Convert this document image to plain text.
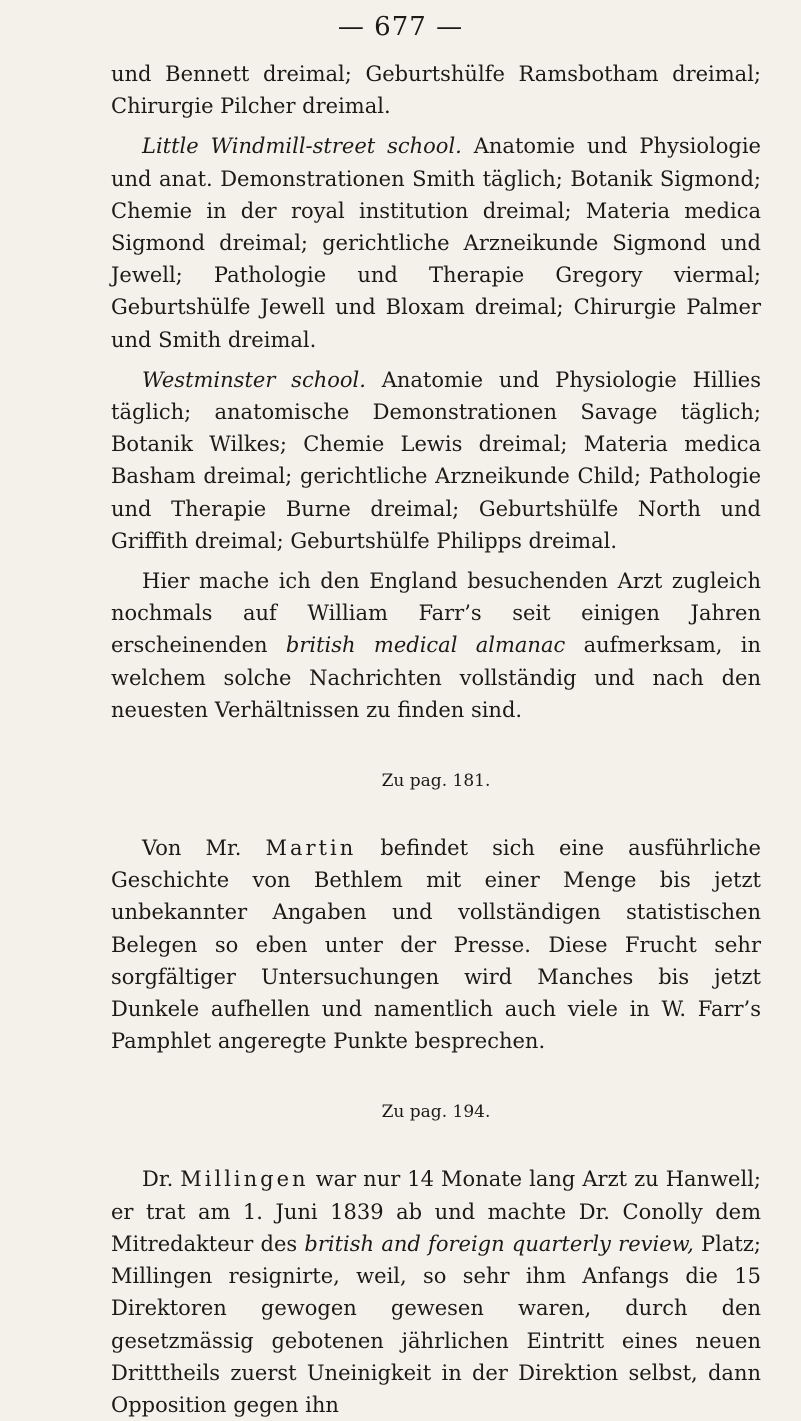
— 677 —

und Bennett dreimal; Geburtshülfe Ramsbotham dreimal; Chirurgie Pilcher dreimal.

Little Windmill-street school. Anatomie und Physiologie und anat. Demonstrationen Smith täglich; Botanik Sigmond; Chemie in der royal institution dreimal; Materia medica Sigmond dreimal; gerichtliche Arzneikunde Sigmond und Jewell; Pathologie und Therapie Gregory viermal; Geburtshülfe Jewell und Bloxam dreimal; Chirurgie Palmer und Smith dreimal.

Westminster school. Anatomie und Physiologie Hillies täglich; anatomische Demonstrationen Savage täglich; Botanik Wilkes; Chemie Lewis dreimal; Materia medica Basham dreimal; gerichtliche Arzneikunde Child; Pathologie und Therapie Burne dreimal; Geburtshülfe North und Griffith dreimal; Geburtshülfe Philipps dreimal.

Hier mache ich den England besuchenden Arzt zugleich nochmals auf William Farr’s seit einigen Jahren erscheinenden british medical almanac aufmerksam, in welchem solche Nachrichten vollständig und nach den neuesten Verhältnissen zu finden sind.

Zu pag. 181.

Von Mr. Martin befindet sich eine ausführliche Geschichte von Bethlem mit einer Menge bis jetzt unbekannter Angaben und vollständigen statistischen Belegen so eben unter der Presse. Diese Frucht sehr sorgfältiger Untersuchungen wird Manches bis jetzt Dunkele aufhellen und namentlich auch viele in W. Farr’s Pamphlet angeregte Punkte besprechen.

Zu pag. 194.

Dr. Millingen war nur 14 Monate lang Arzt zu Hanwell; er trat am 1. Juni 1839 ab und machte Dr. Conolly dem Mitredakteur des british and foreign quarterly review, Platz; Millingen resignirte, weil, so sehr ihm Anfangs die 15 Direktoren gewogen gewesen waren, durch den gesetzmässig gebotenen jährlichen Eintritt eines neuen Dritttheils zuerst Uneinigkeit in der Direktion selbst, dann Opposition gegen ihn
